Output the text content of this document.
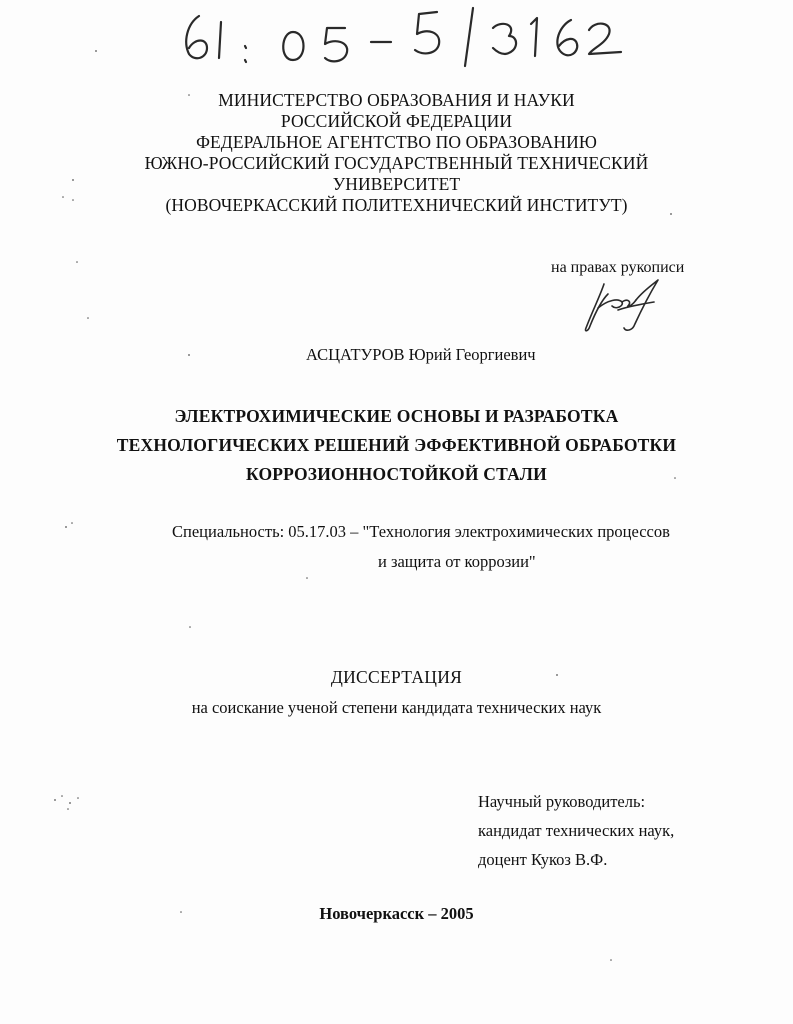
МИНИСТЕРСТВО ОБРАЗОВАНИЯ И НАУКИ
РОССИЙСКОЙ ФЕДЕРАЦИИ
ФЕДЕРАЛЬНОЕ АГЕНТСТВО ПО ОБРАЗОВАНИЮ
ЮЖНО-РОССИЙСКИЙ ГОСУДАРСТВЕННЫЙ ТЕХНИЧЕСКИЙ
УНИВЕРСИТЕТ
(НОВОЧЕРКАССКИЙ ПОЛИТЕХНИЧЕСКИЙ ИНСТИТУТ)
на правах рукописи
АСЦАТУРОВ Юрий Георгиевич
ЭЛЕКТРОХИМИЧЕСКИЕ ОСНОВЫ И РАЗРАБОТКА
ТЕХНОЛОГИЧЕСКИХ РЕШЕНИЙ ЭФФЕКТИВНОЙ ОБРАБОТКИ
КОРРОЗИОННОСТОЙКОЙ СТАЛИ
Специальность: 05.17.03 – "Технология электрохимических процессов
и защита от коррозии"
ДИССЕРТАЦИЯ
на соискание ученой степени кандидата технических наук
Научный руководитель:
кандидат технических наук,
доцент Кукоз В.Ф.
Новочеркасск – 2005
